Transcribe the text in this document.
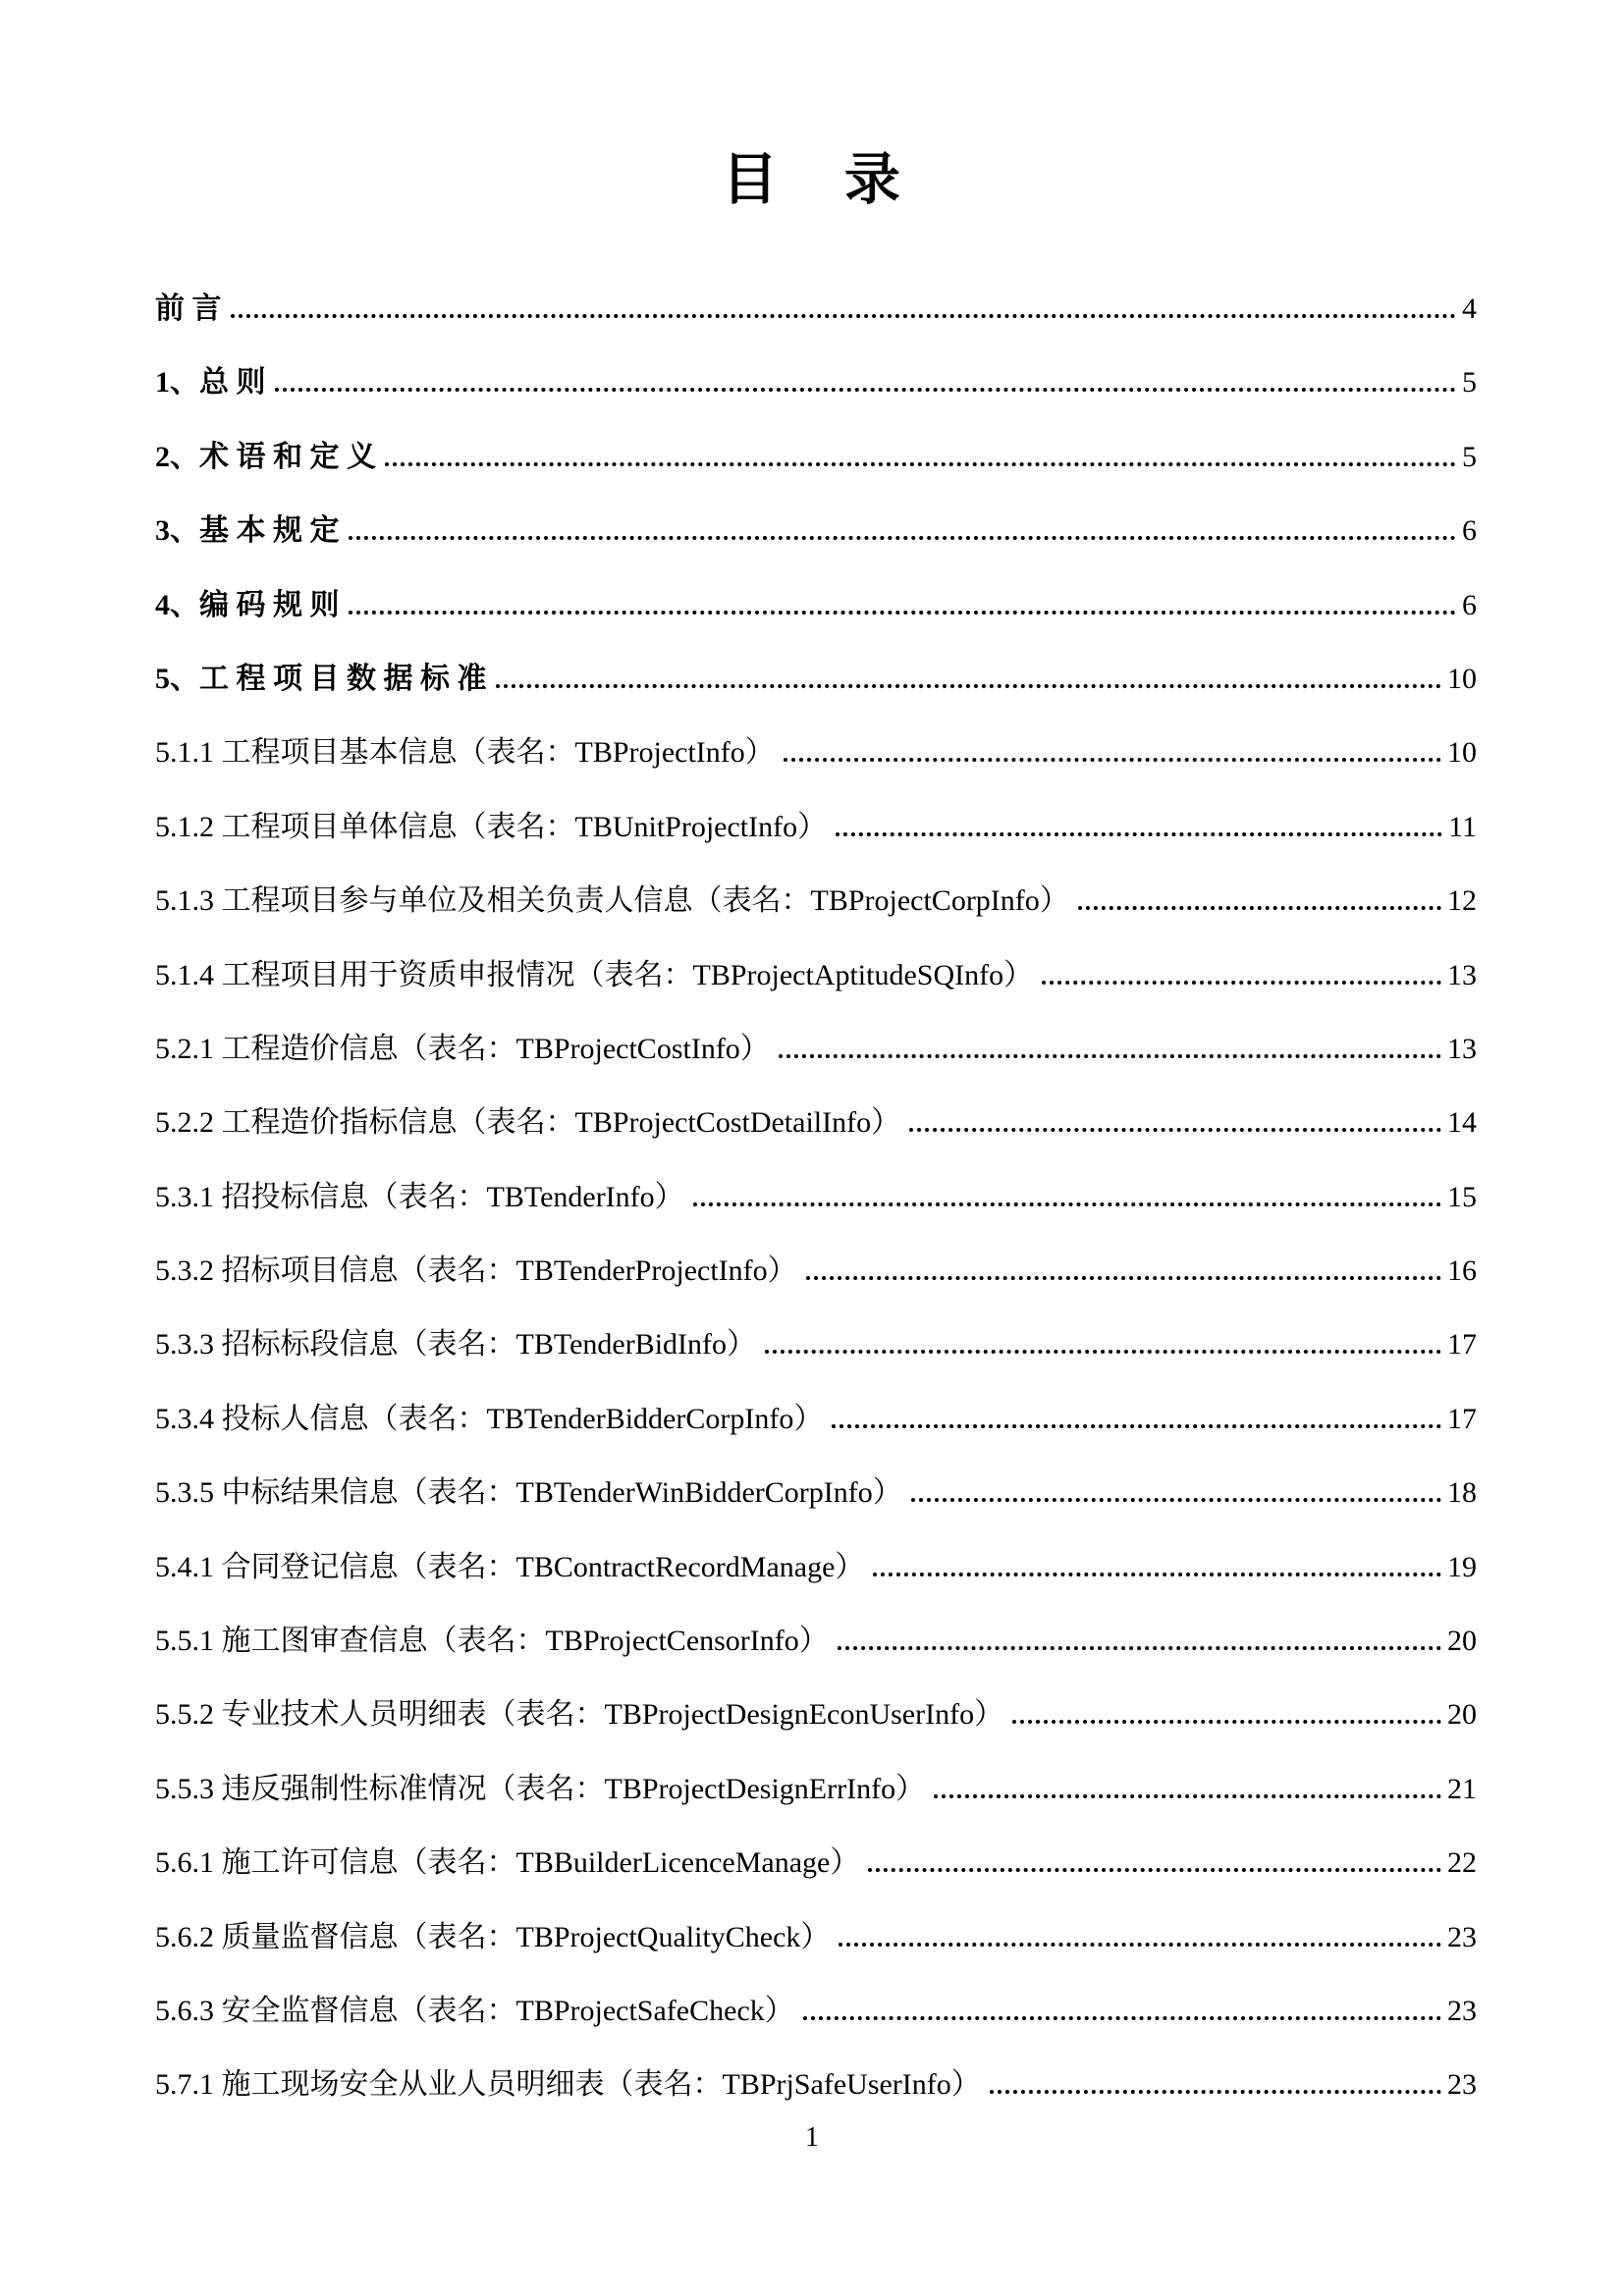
目 录
前 言	4
1、总 则	5
2、术 语 和 定 义	5
3、基 本 规 定	6
4、编 码 规 则	6
5、工 程 项 目 数 据 标 准	10
5.1.1 工程项目基本信息（表名：TBProjectInfo）	10
5.1.2 工程项目单体信息（表名：TBUnitProjectInfo）	11
5.1.3 工程项目参与单位及相关负责人信息（表名：TBProjectCorpInfo）	12
5.1.4 工程项目用于资质申报情况（表名：TBProjectAptitudeSQInfo）	13
5.2.1 工程造价信息（表名：TBProjectCostInfo）	13
5.2.2 工程造价指标信息（表名：TBProjectCostDetailInfo）	14
5.3.1 招投标信息（表名：TBTenderInfo）	15
5.3.2 招标项目信息（表名：TBTenderProjectInfo）	16
5.3.3 招标标段信息（表名：TBTenderBidInfo）	17
5.3.4 投标人信息（表名：TBTenderBidderCorpInfo）	17
5.3.5 中标结果信息（表名：TBTenderWinBidderCorpInfo）	18
5.4.1 合同登记信息（表名：TBContractRecordManage）	19
5.5.1 施工图审查信息（表名：TBProjectCensorInfo）	20
5.5.2 专业技术人员明细表（表名：TBProjectDesignEconUserInfo）	20
5.5.3 违反强制性标准情况（表名：TBProjectDesignErrInfo）	21
5.6.1 施工许可信息（表名：TBBuilderLicenceManage）	22
5.6.2 质量监督信息（表名：TBProjectQualityCheck）	23
5.6.3 安全监督信息（表名：TBProjectSafeCheck）	23
5.7.1 施工现场安全从业人员明细表（表名：TBPrjSafeUserInfo）	23
1
